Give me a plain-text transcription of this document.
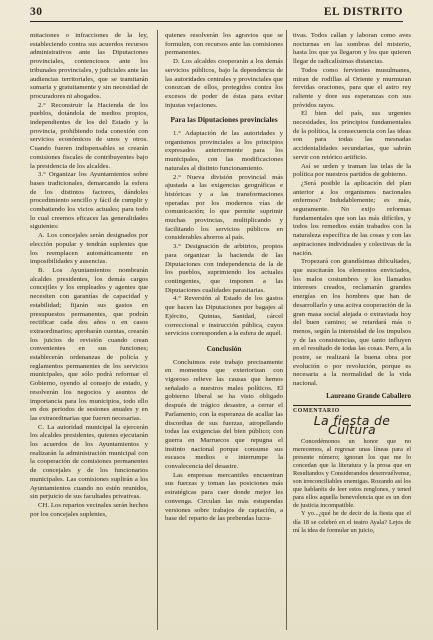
30	EL DISTRITO

mitaciones o infracciones de la ley, estableciendo contra sus acuerdos recursos administrativos ante las Diputaciones provinciales, contenciosos ante los tribunales provinciales, y judiciales ante las audiencias territoriales, que se tramitarán sumaria y gratuitamente y sin necesidad de procuradores ni abogados.

2.° Reconstruir la Hacienda de los pueblos, dotándola de medios propios, independientes de los del Estado y la provincia, prohibiendo toda conexión con servicios económicos de unos y otros. Cuando fueren indispensables se crearán comisiones fiscales de contribuyentes bajo la presidencia de los alcaldes.

3.° Organizar los Ayuntamientos sobre bases tradicionales, demarcando la esfera de los distintos factores, dándoles procedimiento sencillo y fácil de cumplir y combatiendo los vicios actuales; para todo lo cual creemos eficaces las generalidades siguientes:

A. Los concejales serán designados por elección popular y tendrán suplentes que los reemplacen automáticamente en imposibilidades y ausencias.

B. Los Ayuntamientos nombrarán alcaldes presidentes, los demás cargos concejiles y los empleados y agentes que necesiten con garantías de capacidad y estabilidad; fijarán sus gastos en presupuestos permanentes, que podrán rectificar cada dos años o en casos extraordinarios; aprobarán cuentas, crearán los juicios de revisión cuando crean convenientes en sus funciones; establecerán ordenanzas de policía y reglamentos permanentes de los servicios municipales, que sólo podrá reformar el Gobierno, oyendo al consejo de estado, y resolverán los negocios y asuntos de importancia para los municipios, todo ello en dos periodos de sesiones anuales y en las extraordinarias que fueren necesarias.

C. La autoridad municipal la ejercerán los alcaldes presidentes, quienes ejecutarán los acuerdos de los Ayuntamientos y realizarán la administración municipal con la cooperación de comisiones permanentes de concejales y de los funcionarios municipales. Las comisiones suplirán a los Ayuntamientos cuando no estén reunidos, sin perjuicio de sus facultades privativas.

CH. Los repartos vecinales serán hechos por los concejales suplentes,

quienes resolverán los agravios que se formulen, con recursos ante las comisiones permanentes.

D. Los alcaldes cooperarán a los demás servicios públicos, bajo la dependencia de las autoridades centrales y provinciales que conozcan de ellos, protegidos contra los excesos de poder de éstas para evitar injustas vejaciones.

Para las Diputaciones provinciales

1.° Adaptación de las autoridades y organismos provinciales a los principios expresados anteriormente para los municipales, con las modificaciones naturales al distinto funcionamiento.

2.° Nueva división provincial más ajustada a las exigencias geográficas e históricas y a las transformaciones operadas por los modernos vías de comunicación; lo que permite suprimir muchas provincias, multiplicando y facilitando los servicios públicos en considerables ahorros al país.

3.° Designación de arbitrios, propios para organizar la hacienda de las Diputaciones con independencia de la de los pueblos, suprimiendo los actuales contingentes, que imponen a las Diputaciones cualidades parasitarias.

4.° Reversión al Estado de los gastos que hacen las Diputaciones por bagajes al Ejército, Quintas, Sanidad, cárcel correccional e instrucción pública, cuyos servicios corresponden a la esfera de aquél.

Conclusión

Concluimos este trabajo precisamente en momentos que exteriorizan con vigoroso relieve las causas que hemos señalado a nuestros males políticos. El gobierno liberal se ha visto obligado después de trágico desastre, a cerrar el Parlamento, con la esperanza de acallar las discordias de sus fuerzas, atropellando todas las exigencias del bien público; con guerra en Marruecos que repugna el instinto nacional porque consume sus escasos medios e interrumpe la convalecencia del desastre.

Las empresas mercantiles encuentran sus fuerzas y toman las posiciones más estratégicas para caer donde mejor les convenga. Circulan las más estupendas versiones sobre trabajos de captación, a base del reparto de las prebendas lucra-

tivas. Todos callan y laboran como aves nocturnas en las sombras del misterio, hasta los que ya llegaron y los que quieren llegar de radicalísimas distancias.

Todos como fervientes musulmanes, miran de rodillas al Oriente y murmuran fervidas oraciones, para que el astro rey raliente y dore sus esperanzas con sus próvidos rayos.

El bien del país, sus urgentes necesidades, los principios fundamentales de la política, la consecuencia con las ideas son para todas las mesnadas accidentalidades secundarias, que sabrán servir con retórico artificio.

Así se urden y traman las telas de la política por nuestros partidos de gobierno.

¿Será posible la aplicación del plan anterior a los organismos nacionales enfermos? Indudablemente; es más, seguramente. No exijo reformas fundamentales que son las más difíciles, y todos los remedios están trabados con la naturaleza específica de las cosas y con las aspiraciones individuales y colectivas de la nación.

Tropezará con grandísimas dificultades, que suscitarán los elementos enviciados, los malos costumbres y los llamados intereses creados, reclamarán grandes energías en los hombres que han de desarrollarlo y una activa cooperación de la gran masa social alejada o extraviada hoy del buen camino; se retardará más o menos, según la intensidad de los impulsos y de las consistencias, que tanto influyen en el resultado de todas las cosas. Pero, a la postre, se realizará la buena obra por evolución o por revolución, porque es necesaria a la normalidad de la vida nacional.

Laureano Grande Caballero
COMENTARIO
La fiesta de Cultura

Concedémonos un honor que no merecemos, al regresar unas líneas para el presente número; ignoran los que me lo concedan que la literatura y la prosa que en Resultandos y Considerandos desenvuélvense, son irreconciliables enemigas. Rozando así los que hablaréis de leer estos renglones, y tened para ellos aquella benevolencia que es un don de justicia incompatible.

Y yo...¿qué he de decir de la fiesta que el día 18 se celebró en el teatro Ayala? Lejos de mí la idea de formular un juicio,
